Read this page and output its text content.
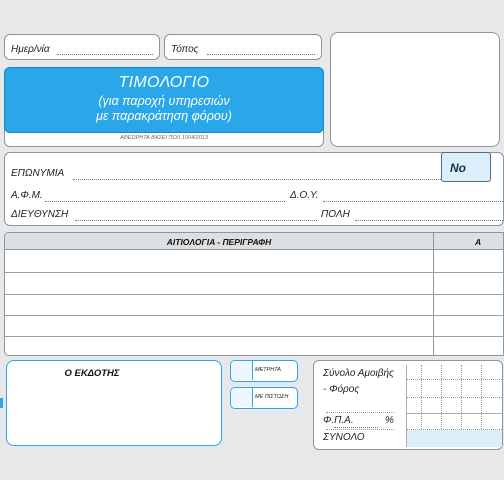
Ημερ/νία	Τόπος
ΤΙΜΟΛΟΓΙΟ
(για παροχή υπηρεσιών
με παρακράτηση φόρου)
ΑΘΕΩΡΗΤΑ ΒΑΣΕΙ ΠΟΛ.1004/2013
ΕΠΩΝΥΜΙΑ
Α.Φ.Μ.	Δ.Ο.Υ.
ΔΙΕΥΘΥΝΣΗ	ΠΟΛΗ
Νο
ΑΙΤΙΟΛΟΓΙΑ - ΠΕΡΙΓΡΑΦΗ	Α
Ο ΕΚΔΟΤΗΣ	ΜΕΤΡΗΤΑ
ΜΕ ΠΙΣΤΩΣΗ
Σύνολο Αμοιβής
- Φόρος
Φ.Π.Α.	%
ΣΥΝΟΛΟ
